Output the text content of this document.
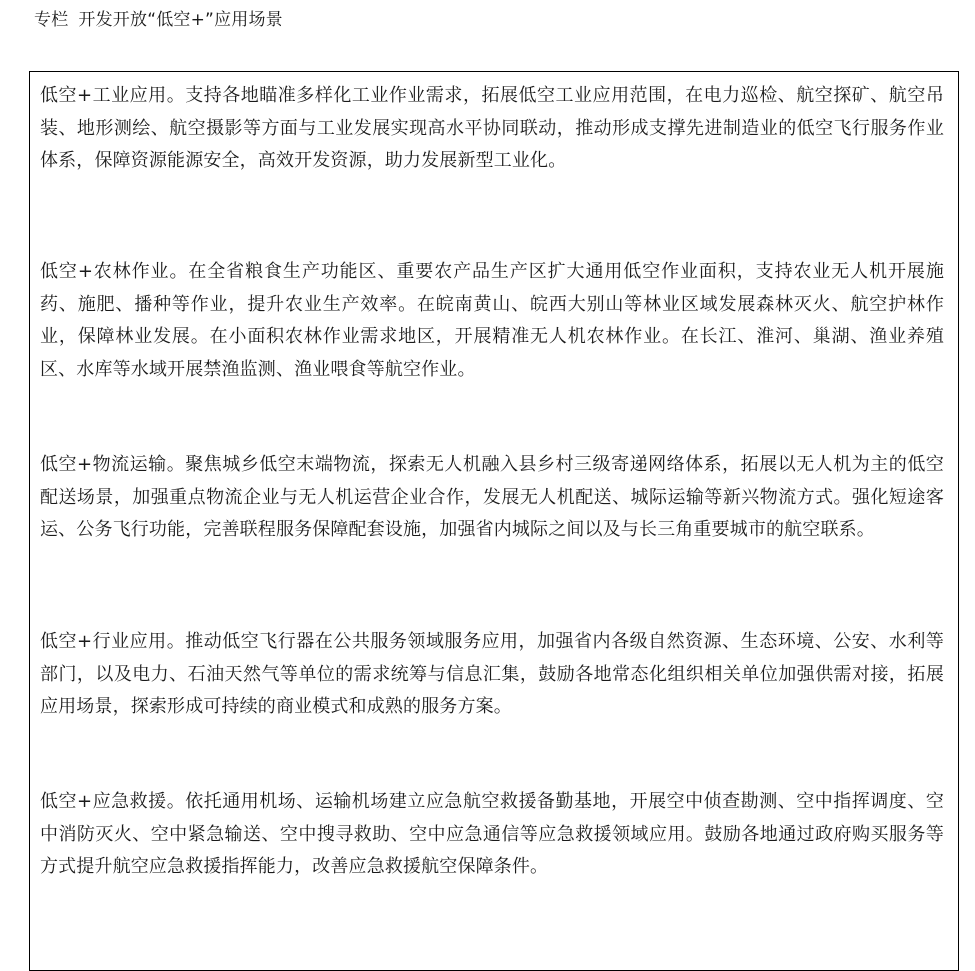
专栏 开发开放“低空+”应用场景

低空+工业应用。支持各地瞄准多样化工业作业需求，拓展低空工业应用范围，在电力巡检、航空探矿、航空吊装、地形测绘、航空摄影等方面与工业发展实现高水平协同联动，推动形成支撑先进制造业的低空飞行服务作业体系，保障资源能源安全，高效开发资源，助力发展新型工业化。

低空+农林作业。在全省粮食生产功能区、重要农产品生产区扩大通用低空作业面积，支持农业无人机开展施药、施肥、播种等作业，提升农业生产效率。在皖南黄山、皖西大别山等林业区域发展森林灭火、航空护林作业，保障林业发展。在小面积农林作业需求地区，开展精准无人机农林作业。在长江、淮河、巢湖、渔业养殖区、水库等水域开展禁渔监测、渔业喂食等航空作业。

低空+物流运输。聚焦城乡低空末端物流，探索无人机融入县乡村三级寄递网络体系，拓展以无人机为主的低空配送场景，加强重点物流企业与无人机运营企业合作，发展无人机配送、城际运输等新兴物流方式。强化短途客运、公务飞行功能，完善联程服务保障配套设施，加强省内城际之间以及与长三角重要城市的航空联系。

低空+行业应用。推动低空飞行器在公共服务领域服务应用，加强省内各级自然资源、生态环境、公安、水利等部门，以及电力、石油天然气等单位的需求统筹与信息汇集，鼓励各地常态化组织相关单位加强供需对接，拓展应用场景，探索形成可持续的商业模式和成熟的服务方案。

低空+应急救援。依托通用机场、运输机场建立应急航空救援备勤基地，开展空中侦查勘测、空中指挥调度、空中消防灭火、空中紧急输送、空中搜寻救助、空中应急通信等应急救援领域应用。鼓励各地通过政府购买服务等方式提升航空应急救援指挥能力，改善应急救援航空保障条件。
